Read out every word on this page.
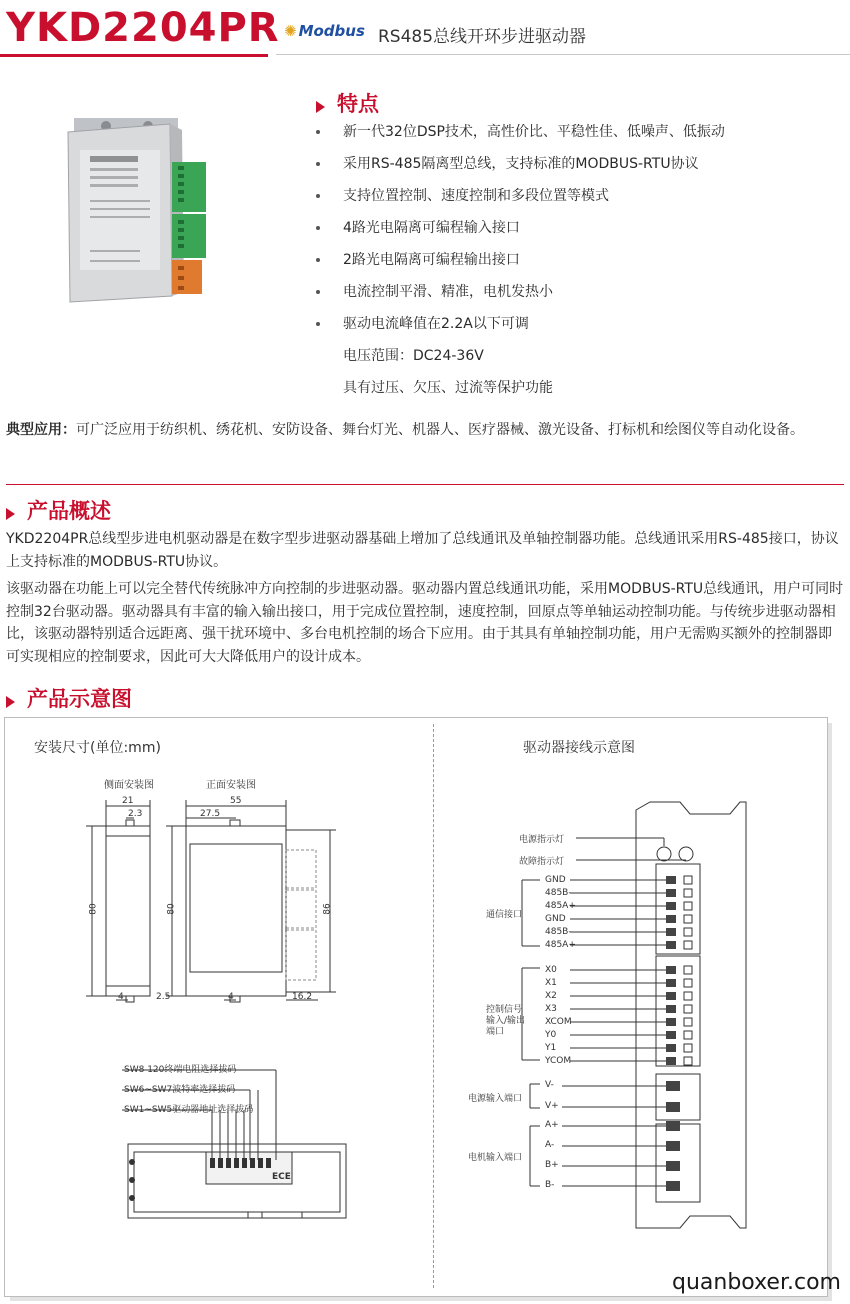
YKD2204PR ✺ Modbus RS485总线开环步进驱动器
特点
新一代32位DSP技术，高性价比、平稳性佳、低噪声、低振动
采用RS-485隔离型总线，支持标准的MODBUS-RTU协议
支持位置控制、速度控制和多段位置等模式
4路光电隔离可编程输入接口
2路光电隔离可编程输出接口
电流控制平滑、精准，电机发热小
驱动电流峰值在2.2A以下可调
电压范围：DC24-36V
具有过压、欠压、过流等保护功能
典型应用：可广泛应用于纺织机、绣花机、安防设备、舞台灯光、机器人、医疗器械、激光设备、打标机和绘图仪等自动化设备。
产品概述

YKD2204PR总线型步进电机驱动器是在数字型步进驱动器基础上增加了总线通讯及单轴控制器功能。总线通讯采用RS-485接口，协议上支持标准的MODBUS-RTU协议。

该驱动器在功能上可以完全替代传统脉冲方向控制的步进驱动器。驱动器内置总线通讯功能，采用MODBUS-RTU总线通讯，用户可同时控制32台驱动器。驱动器具有丰富的输入输出接口，用于完成位置控制，速度控制，回原点等单轴运动控制功能。与传统步进驱动器相比，该驱动器特别适合远距离、强干扰环境中、多台电机控制的场合下应用。由于其具有单轴控制功能，用户无需购买额外的控制器即可实现相应的控制要求，因此可大大降低用户的设计成本。

产品示意图
安装尺寸(单位:mm)	驱动器接线示意图
侧面安装图	正面安装图
21
2.3
80
4	2.5
55
27.5
80	86
4	16.2
SW8 120终端电阻选择拔码
SW6~SW7波特率选择拔码
SW1~SW5驱动器地址选择拔码
ECE
电源指示灯
故障指示灯
通信接口
GND
485B-
485A+
GND
485B-
485A+
控制信号
输入/输出
端口
X0
X1
X2
X3
XCOM
Y0
Y1
YCOM
电源输入端口
V-
V+
电机输入端口
A+
A-
B+
B-
quanboxer.com
